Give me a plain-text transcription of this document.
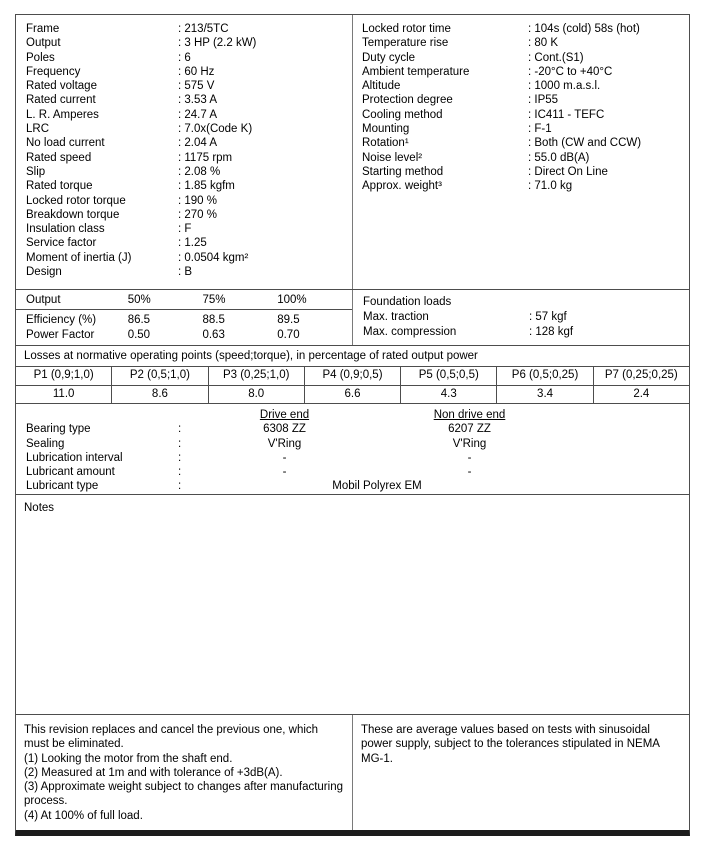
Frame	: 213/5TC
Output	: 3 HP (2.2 kW)
Poles	: 6
Frequency	: 60 Hz
Rated voltage	: 575 V
Rated current	: 3.53 A
L. R. Amperes	: 24.7 A
LRC	: 7.0x(Code K)
No load current	: 2.04 A
Rated speed	: 1175 rpm
Slip	: 2.08 %
Rated torque	: 1.85 kgfm
Locked rotor torque	: 190 %
Breakdown torque	: 270 %
Insulation class	: F
Service factor	: 1.25
Moment of inertia (J)	: 0.0504 kgm²
Design	: B
Locked rotor time	: 104s (cold) 58s (hot)
Temperature rise	: 80 K
Duty cycle	: Cont.(S1)
Ambient temperature	: -20°C to +40°C
Altitude	: 1000 m.a.s.l.
Protection degree	: IP55
Cooling method	: IC411 - TEFC
Mounting	: F-1
Rotation¹	: Both (CW and CCW)
Noise level²	: 55.0 dB(A)
Starting method	: Direct On Line
Approx. weight³	: 71.0 kg
Output	50%	75%	100%
Efficiency (%)	86.5	88.5	89.5
Power Factor	0.50	0.63	0.70
Foundation loads
Max. traction	: 57 kgf
Max. compression	: 128 kgf
Losses at normative operating points (speed;torque), in percentage of rated output power
P1 (0,9;1,0)	P2 (0,5;1,0)	P3 (0,25;1,0)	P4 (0,9;0,5)	P5 (0,5;0,5)	P6 (0,5;0,25)	P7 (0,25;0,25)
11.0	8.6	8.0	6.6	4.3	3.4	2.4
Drive end	Non drive end
Bearing type	:	6308 ZZ	6207 ZZ
Sealing	:	V'Ring	V'Ring
Lubrication interval	:	-	-
Lubricant amount	:	-	-
Lubricant type	:	Mobil Polyrex EM
Notes

This revision replaces and cancel the previous one, which must be eliminated.

(1) Looking the motor from the shaft end.

(2) Measured at 1m and with tolerance of +3dB(A).

(3) Approximate weight subject to changes after manufacturing process.

(4) At 100% of full load.

These are average values based on tests with sinusoidal power supply, subject to the tolerances stipulated in NEMA MG-1.
